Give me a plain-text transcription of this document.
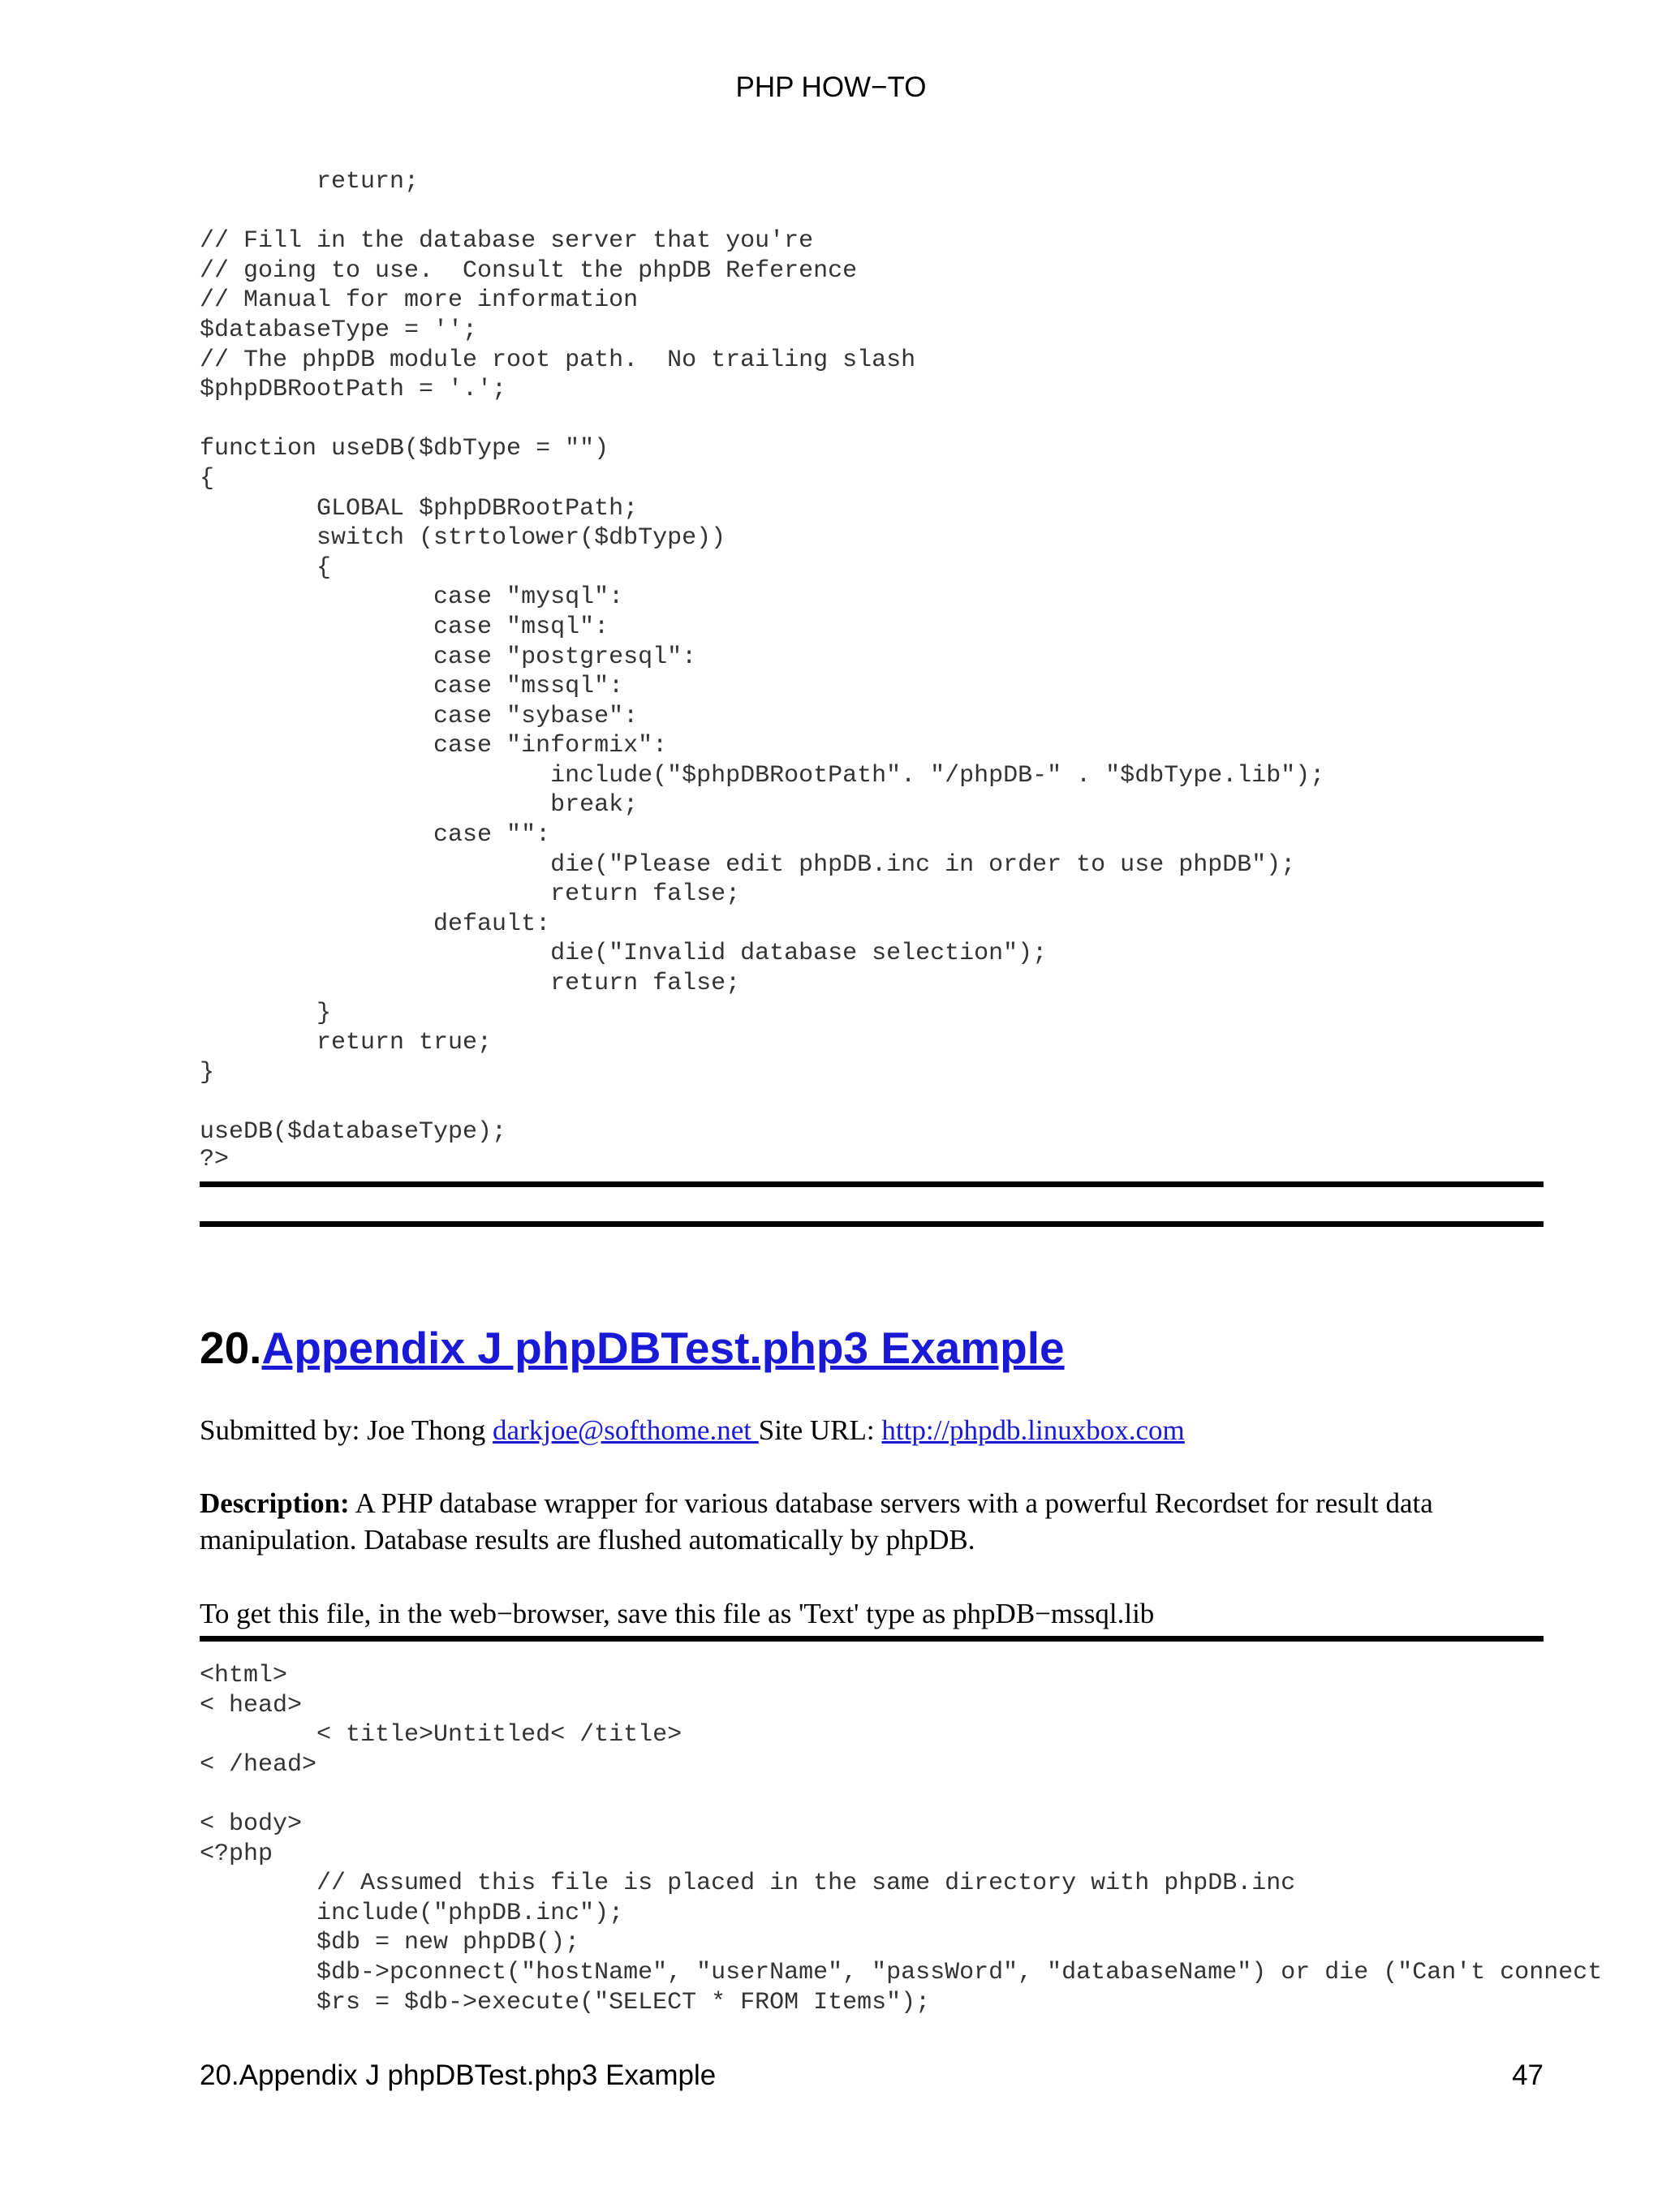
PHP HOW−TO
return;

// Fill in the database server that you're
// going to use.  Consult the phpDB Reference
// Manual for more information
$databaseType = '';
// The phpDB module root path.  No trailing slash
$phpDBRootPath = '.';

function useDB($dbType = "")
{
GLOBAL $phpDBRootPath;
switch (strtolower($dbType))
{
case "mysql":
case "msql":
case "postgresql":
case "mssql":
case "sybase":
case "informix":
include("$phpDBRootPath". "/phpDB-" . "$dbType.lib");
break;
case "":
die("Please edit phpDB.inc in order to use phpDB");
return false;
default:
die("Invalid database selection");
return false;
}
return true;
}

useDB($databaseType);
?>
20.Appendix J phpDBTest.php3 Example
Submitted by: Joe Thong darkjoe@softhome.net Site URL: http://phpdb.linuxbox.com
Description: A PHP database wrapper for various database servers with a powerful Recordset for result data manipulation. Database results are flushed automatically by phpDB.
To get this file, in the web−browser, save this file as 'Text' type as phpDB−mssql.lib
<html>
< head>
< title>Untitled< /title>
< /head>

< body>
<?php
// Assumed this file is placed in the same directory with phpDB.inc
include("phpDB.inc");
$db = new phpDB();
$db->pconnect("hostName", "userName", "passWord", "databaseName") or die ("Can't connect
$rs = $db->execute("SELECT * FROM Items");
20.Appendix J phpDBTest.php3 Example	47
